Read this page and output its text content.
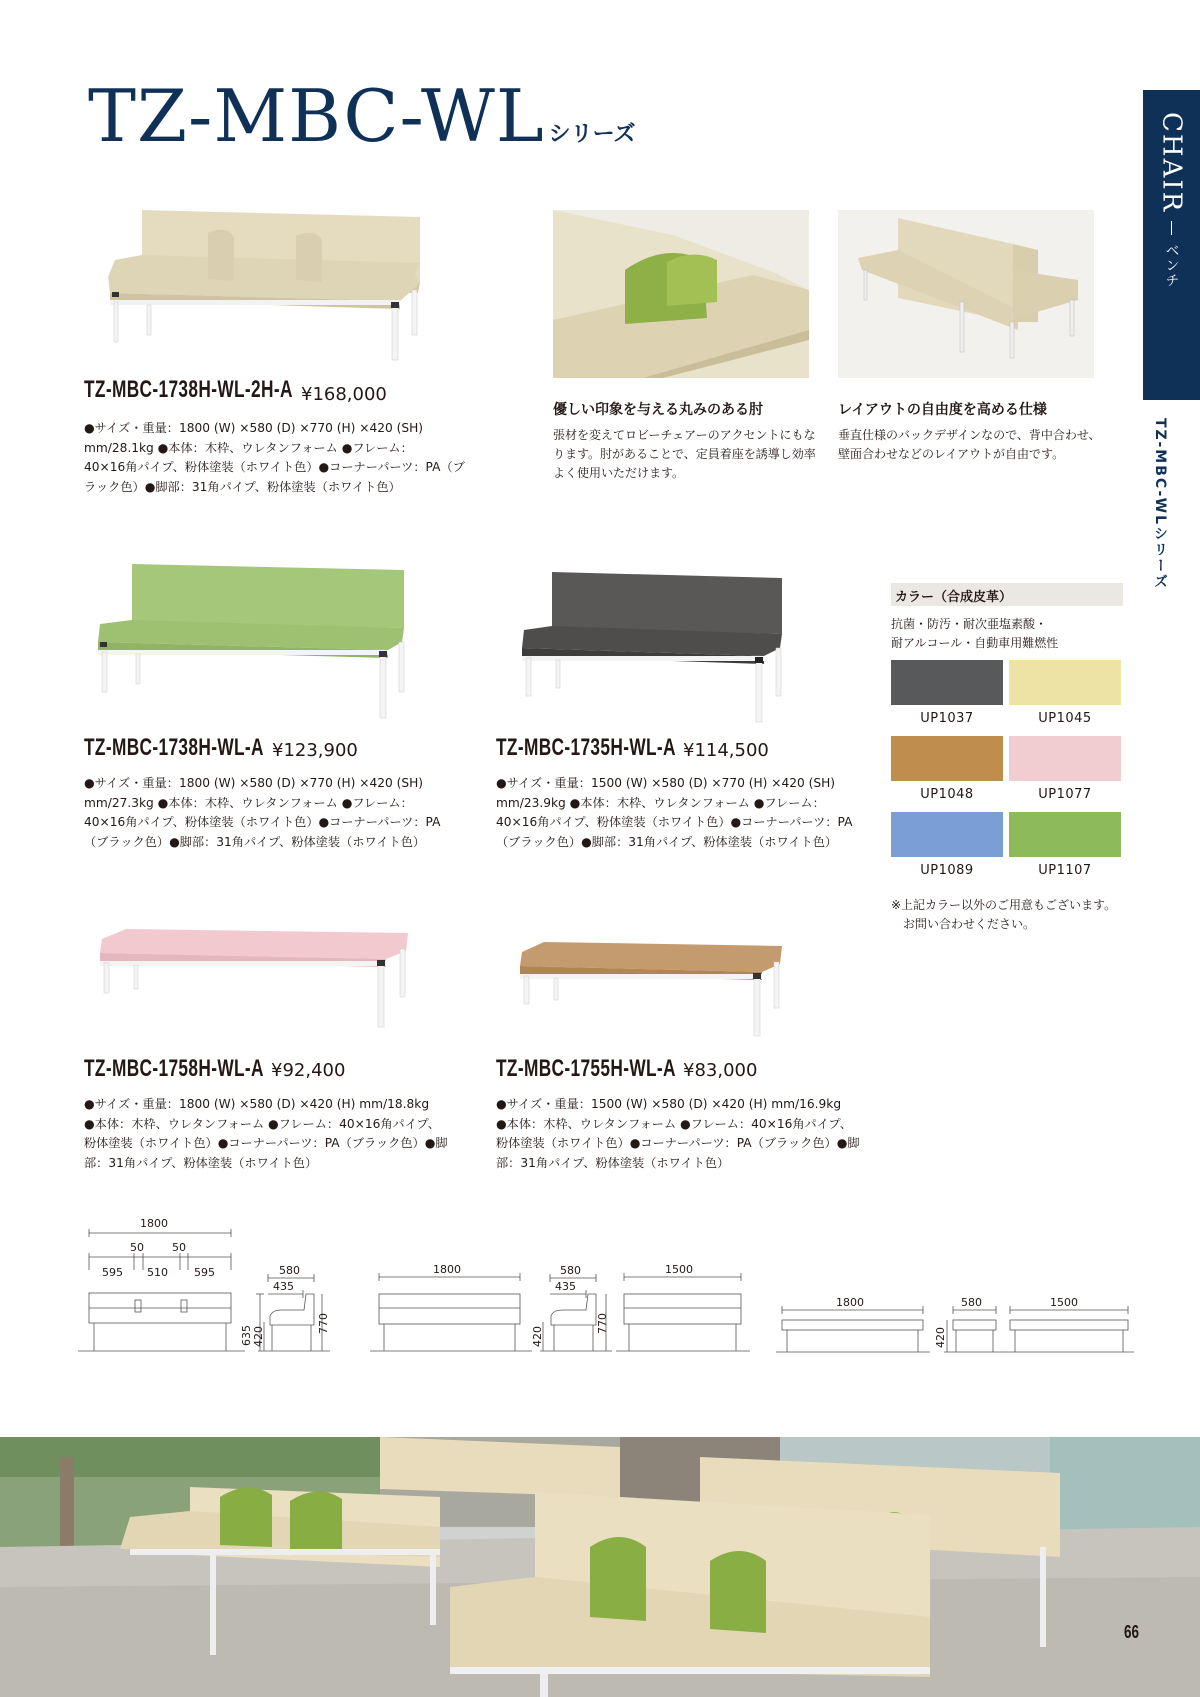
TZ-MBC-WL シリーズ	CHAIR
ベンチ
TZ-MBC-WLシリーズ
TZ-MBC-1738H-WL-2H-A ¥168,000
●サイズ・重量：1800 (W) ×580 (D) ×770 (H) ×420 (SH)
mm/28.1kg ●本体：木枠、ウレタンフォーム ●フレーム：
40×16角パイプ、粉体塗装（ホワイト色）●コーナーパーツ：PA（ブ
ラック色）●脚部：31角パイプ、粉体塗装（ホワイト色）
優しい印象を与える丸みのある肘
張材を変えてロビーチェアーのアクセントにもな
ります。肘があることで、定員着座を誘導し効率
よく使用いただけます。
レイアウトの自由度を高める仕様
垂直仕様のバックデザインなので、背中合わせ、
壁面合わせなどのレイアウトが自由です。
TZ-MBC-1738H-WL-A ¥123,900
●サイズ・重量：1800 (W) ×580 (D) ×770 (H) ×420 (SH)
mm/27.3kg ●本体：木枠、ウレタンフォーム ●フレーム：
40×16角パイプ、粉体塗装（ホワイト色）●コーナーパーツ：PA
（ブラック色）●脚部：31角パイプ、粉体塗装（ホワイト色）
TZ-MBC-1735H-WL-A ¥114,500
●サイズ・重量：1500 (W) ×580 (D) ×770 (H) ×420 (SH)
mm/23.9kg ●本体：木枠、ウレタンフォーム ●フレーム：
40×16角パイプ、粉体塗装（ホワイト色）●コーナーパーツ：PA
（ブラック色）●脚部：31角パイプ、粉体塗装（ホワイト色）
カラー（合成皮革）
抗菌・防汚・耐次亜塩素酸・
耐アルコール・自動車用難燃性
UP1037	UP1045
UP1048	UP1077
UP1089	UP1107
※上記カラー以外のご用意もございます。
　お問い合わせください。
TZ-MBC-1758H-WL-A ¥92,400
●サイズ・重量：1800 (W) ×580 (D) ×420 (H) mm/18.8kg
●本体：木枠、ウレタンフォーム ●フレーム：40×16角パイプ、
粉体塗装（ホワイト色）●コーナーパーツ：PA（ブラック色）●脚
部：31角パイプ、粉体塗装（ホワイト色）
TZ-MBC-1755H-WL-A ¥83,000
●サイズ・重量：1500 (W) ×580 (D) ×420 (H) mm/16.9kg
●本体：木枠、ウレタンフォーム ●フレーム：40×16角パイプ、
粉体塗装（ホワイト色）●コーナーパーツ：PA（ブラック色）●脚
部：31角パイプ、粉体塗装（ホワイト色）
1800
50	50
595 510 595	580
435
635 420
770
1800	580
435
420
770
1500
1800	580
420
1500
66
